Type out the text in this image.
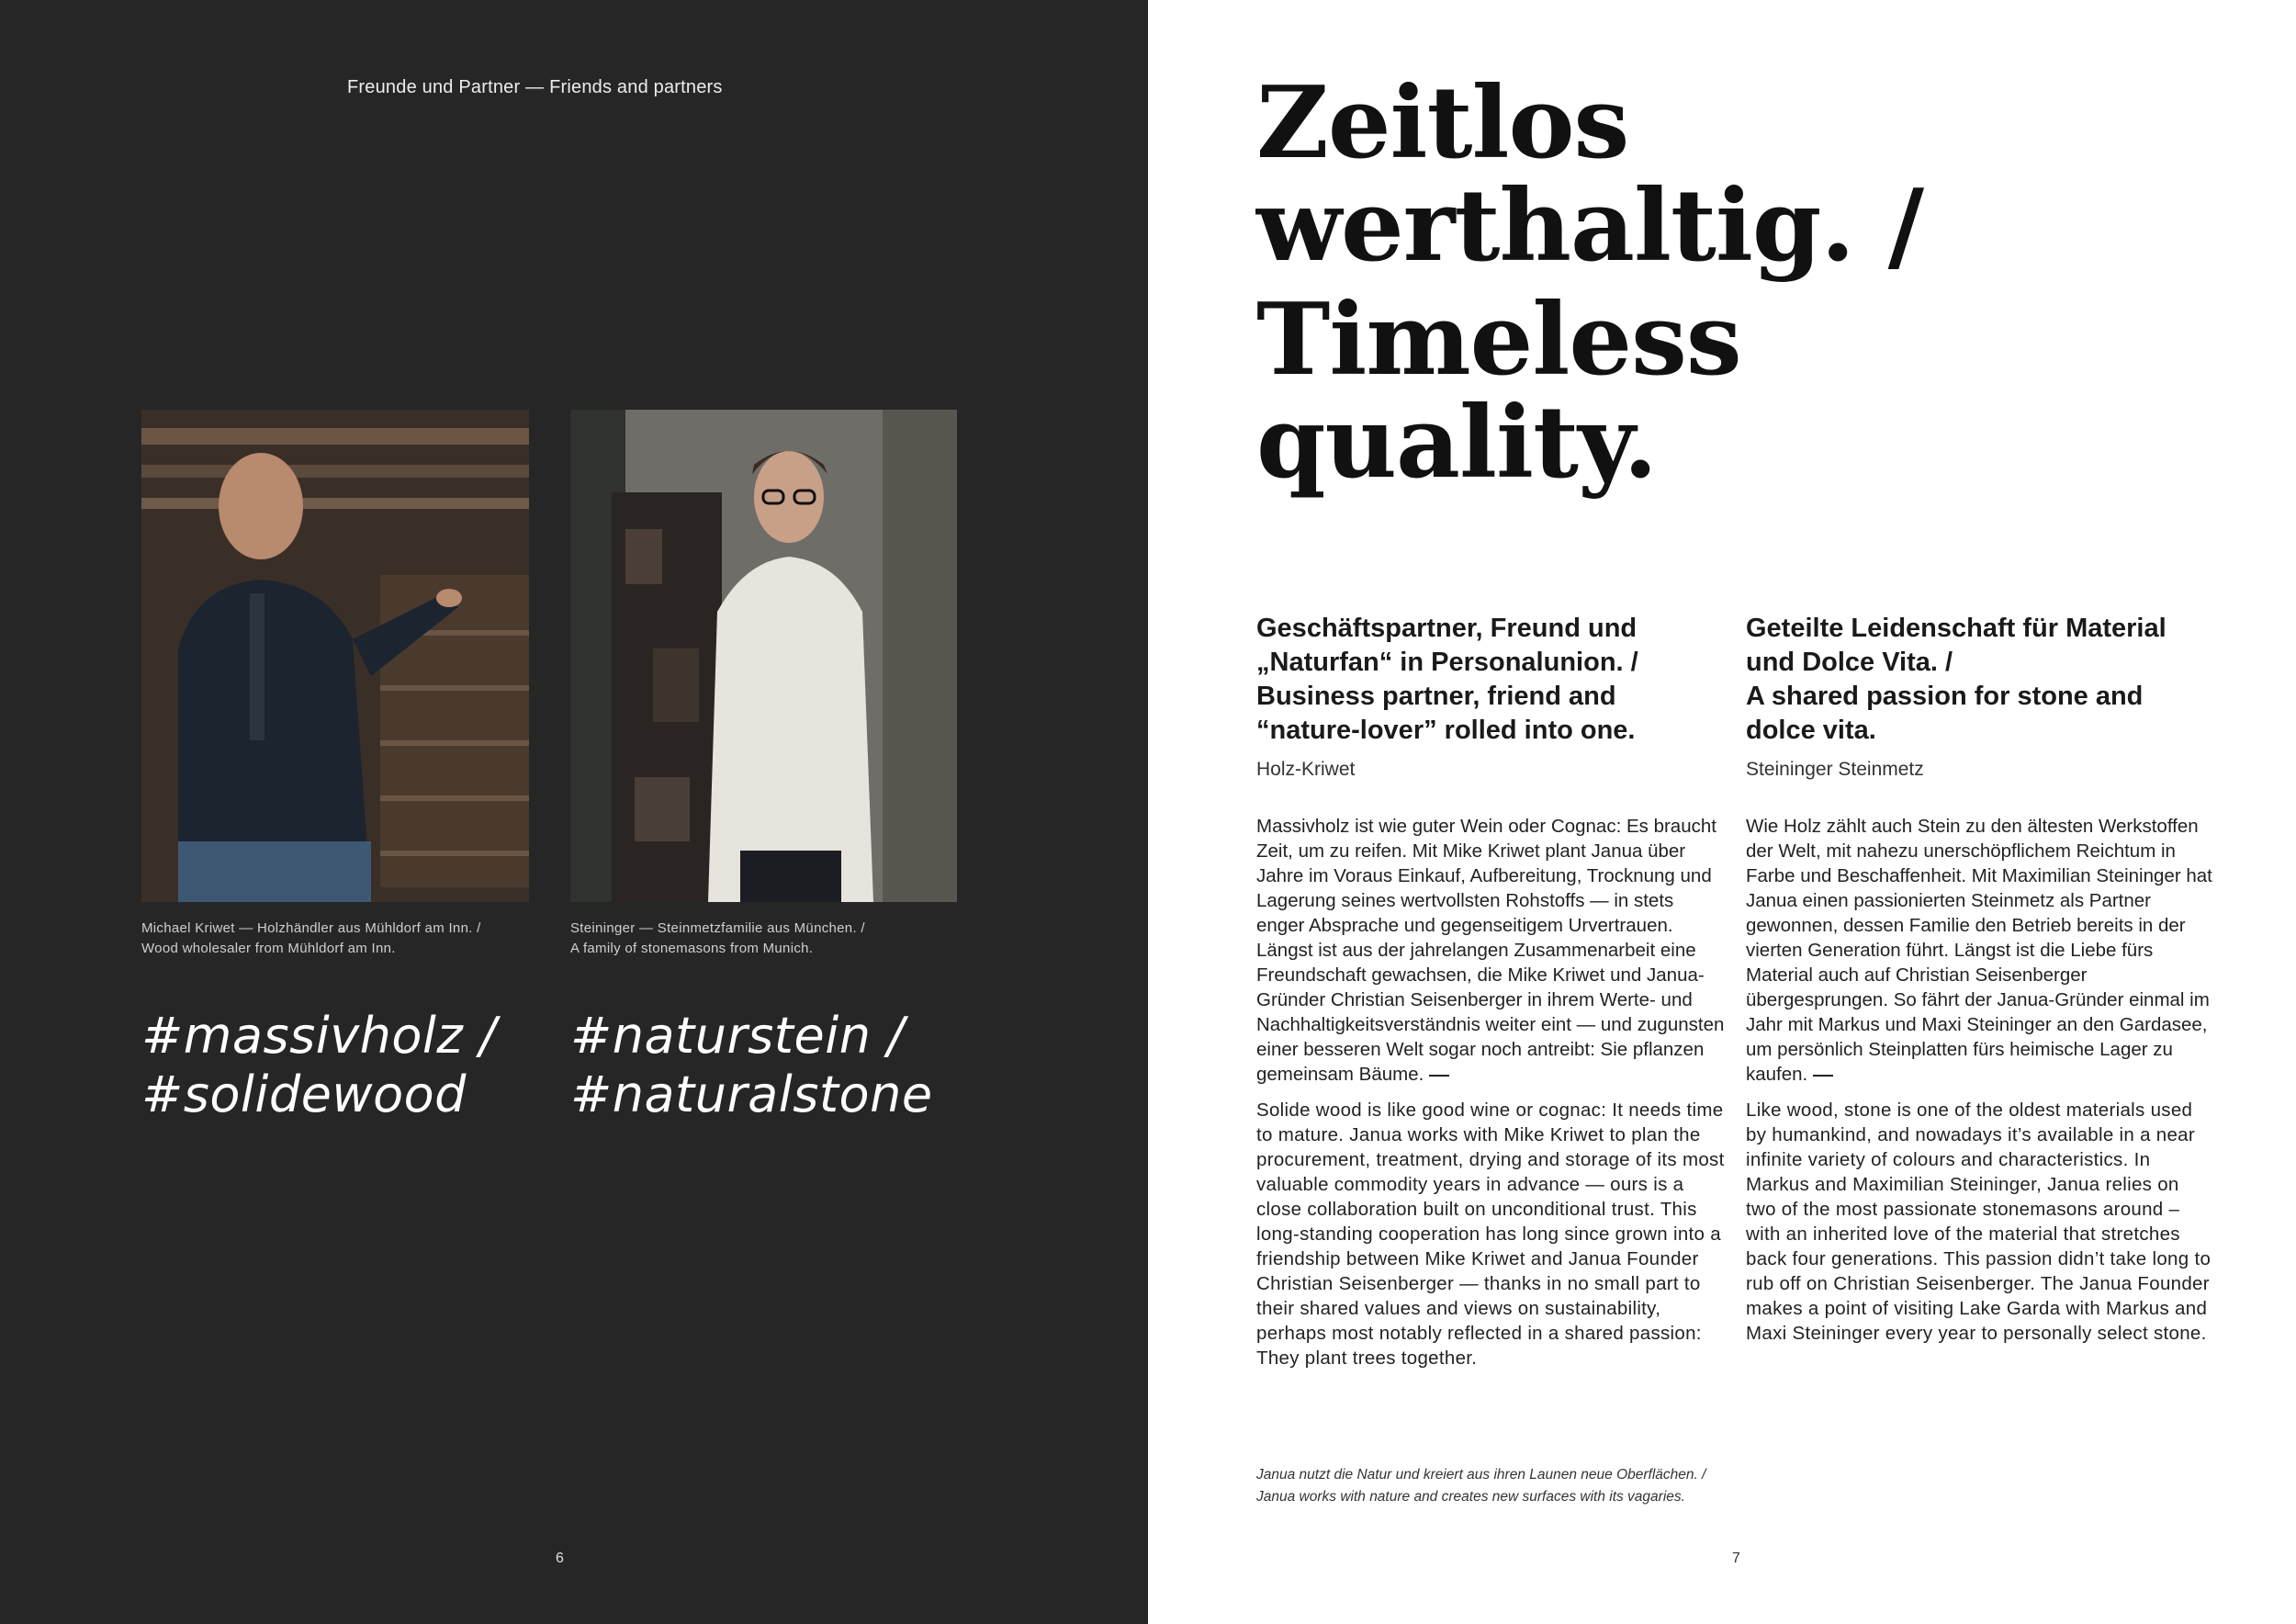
Freunde und Partner — Friends and partners
Michael Kriwet — Holzhändler aus Mühldorf am Inn. /
Wood wholesaler from Mühldorf am Inn.
Steininger — Steinmetzfamilie aus München. /
A family of stonemasons from Munich.
#massivholz /
#solidewood
#naturstein /
#naturalstone
6
Zeitlos
werthaltig. /
Timeless
quality.
Geschäftspartner, Freund und
„Naturfan“ in Personalunion. /
Business partner, friend and
“nature-lover” rolled into one.
Holz-Kriwet
Massivholz ist wie guter Wein oder Cognac: Es braucht Zeit, um zu reifen. Mit Mike Kriwet plant Janua über Jahre im Voraus Einkauf, Aufbereitung, Trocknung und Lagerung seines wertvollsten Rohstoffs — in stets enger Absprache und gegenseitigem Urvertrauen. Längst ist aus der jahrelangen Zusammenarbeit eine Freundschaft gewachsen, die Mike Kriwet und Janua-Gründer Christian Seisenberger in ihrem Werte- und Nachhaltigkeitsverständnis weiter eint — und zugunsten einer besseren Welt sogar noch antreibt: Sie pflanzen gemeinsam Bäume.
Solide wood is like good wine or cognac: It needs time to mature. Janua works with Mike Kriwet to plan the procurement, treatment, drying and storage of its most valuable commodity years in advance — ours is a close collaboration built on unconditional trust. This long-standing cooperation has long since grown into a friendship between Mike Kriwet and Janua Founder Christian Seisenberger — thanks in no small part to their shared values and views on sustainability, perhaps most notably reflected in a shared passion: They plant trees together.
Geteilte Leidenschaft für Material
und Dolce Vita. /
A shared passion for stone and
dolce vita.
Steininger Steinmetz
Wie Holz zählt auch Stein zu den ältesten Werkstoffen der Welt, mit nahezu unerschöpflichem Reichtum in Farbe und Beschaffenheit. Mit Maximilian Steininger hat Janua einen passionierten Steinmetz als Partner gewonnen, dessen Familie den Betrieb bereits in der vierten Generation führt. Längst ist die Liebe fürs Material auch auf Christian Seisenberger übergesprungen. So fährt der Janua-Gründer einmal im Jahr mit Markus und Maxi Steininger an den Gardasee, um persönlich Steinplatten fürs heimische Lager zu kaufen.
Like wood, stone is one of the oldest materials used by humankind, and nowadays it’s available in a near infinite variety of colours and characteristics. In Markus and Maximilian Steininger, Janua relies on two of the most passionate stonemasons around – with an inherited love of the material that stretches back four generations. This passion didn’t take long to rub off on Christian Seisenberger. The Janua Founder makes a point of visiting Lake Garda with Markus and Maxi Steininger every year to personally select stone.
Janua nutzt die Natur und kreiert aus ihren Launen neue Oberflächen. /
Janua works with nature and creates new surfaces with its vagaries.
7
